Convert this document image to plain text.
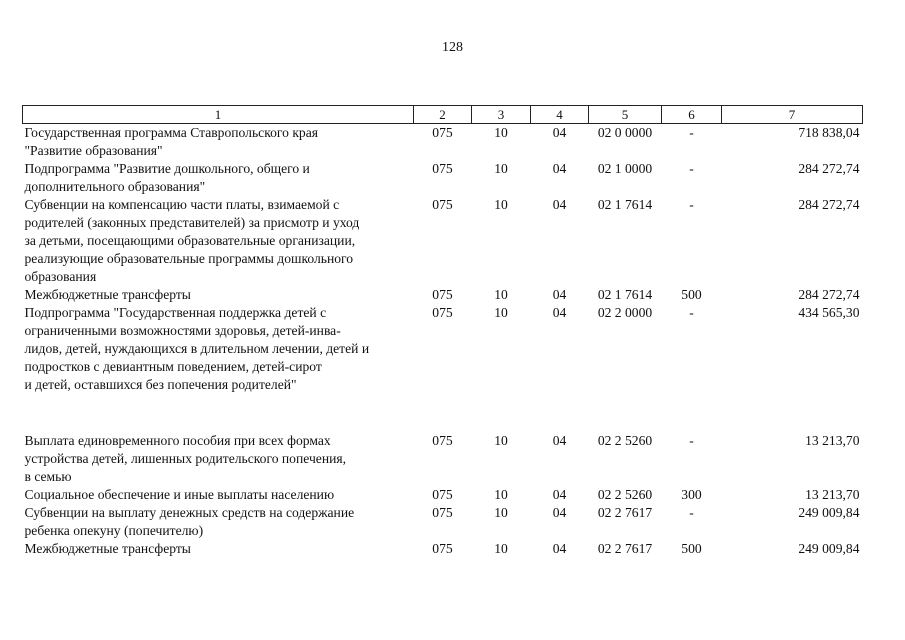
128
1	2	3	4	5	6	7
Государственная программа Ставропольского края
"Развитие образования"	075	10	04	02 0 0000	-	718 838,04
Подпрограмма "Развитие дошкольного, общего и
дополнительного образования"	075	10	04	02 1 0000	-	284 272,74
Субвенции на компенсацию части платы, взимаемой с
родителей (законных представителей) за присмотр и уход
за детьми, посещающими образовательные организации,
реализующие образовательные программы дошкольного
образования	075	10	04	02 1 7614	-	284 272,74
Межбюджетные трансферты	075	10	04	02 1 7614	500	284 272,74
Подпрограмма "Государственная поддержка детей с
ограниченными возможностями здоровья, детей-инва-
лидов, детей, нуждающихся в длительном лечении, детей и
подростков с девиантным поведением, детей-сирот
и детей, оставшихся без попечения родителей"	075	10	04	02 2 0000	-	434 565,30
Выплата единовременного пособия при всех формах
устройства детей, лишенных родительского попечения,
в семью	075	10	04	02 2 5260	-	13 213,70
Социальное обеспечение и иные выплаты населению	075	10	04	02 2 5260	300	13 213,70
Субвенции на выплату денежных средств на содержание
ребенка опекуну (попечителю)	075	10	04	02 2 7617	-	249 009,84
Межбюджетные трансферты	075	10	04	02 2 7617	500	249 009,84
